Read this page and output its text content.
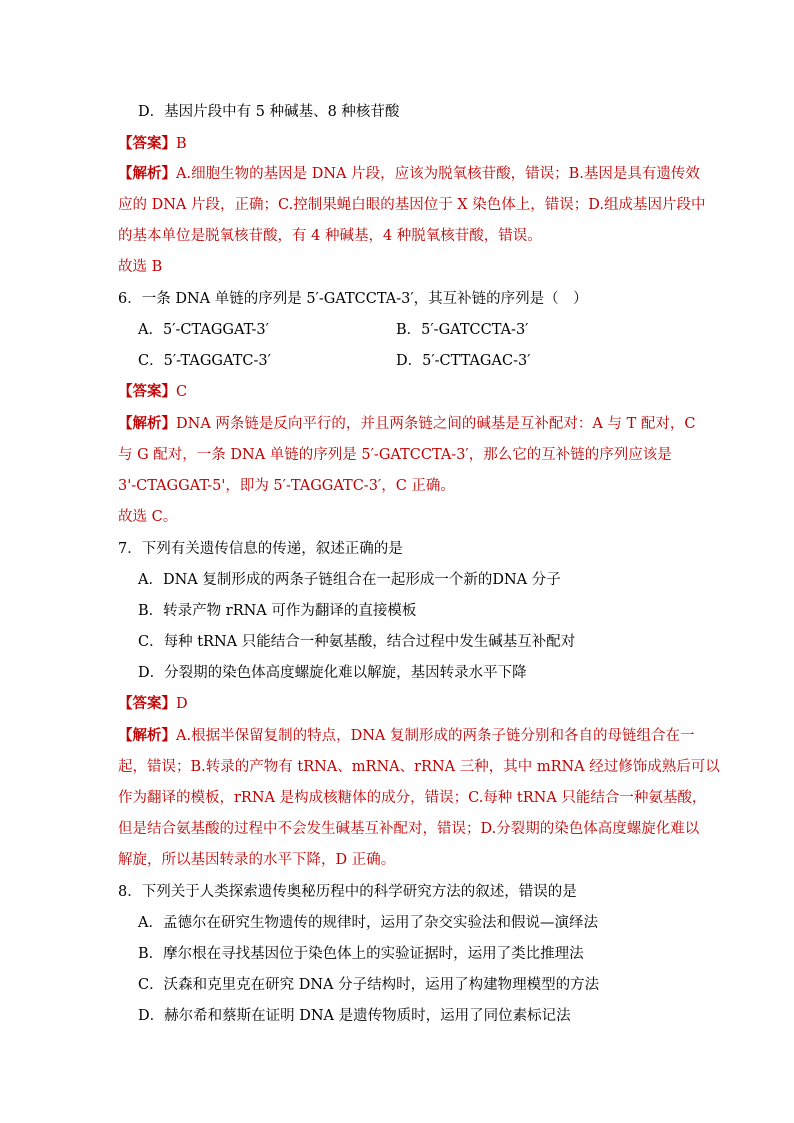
D．基因片段中有 5 种碱基、8 种核苷酸
【答案】B
【解析】A.细胞生物的基因是 DNA 片段，应该为脱氧核苷酸，错误；B.基因是具有遗传效
应的 DNA 片段，正确；C.控制果蝇白眼的基因位于 X 染色体上，错误；D.组成基因片段中
的基本单位是脱氧核苷酸，有 4 种碱基，4 种脱氧核苷酸，错误。
故选 B
6．一条 DNA 单链的序列是 5′-GATCCTA-3′，其互补链的序列是（　）
A．5′-CTAGGAT-3′	B．5′-GATCCTA-3′
C．5′-TAGGATC-3′	D．5′-CTTAGAC-3′
【答案】C
【解析】DNA 两条链是反向平行的，并且两条链之间的碱基是互补配对：A 与 T 配对，C
与 G 配对，一条 DNA 单链的序列是 5′-GATCCTA-3′，那么它的互补链的序列应该是
3'-CTAGGAT-5'，即为 5′-TAGGATC-3′，C 正确。
故选 C。
7．下列有关遗传信息的传递，叙述正确的是
A．DNA 复制形成的两条子链组合在一起形成一个新的DNA 分子
B．转录产物 rRNA 可作为翻译的直接模板
C．每种 tRNA 只能结合一种氨基酸，结合过程中发生碱基互补配对
D．分裂期的染色体高度螺旋化难以解旋，基因转录水平下降
【答案】D
【解析】A.根据半保留复制的特点，DNA 复制形成的两条子链分别和各自的母链组合在一
起，错误；B.转录的产物有 tRNA、mRNA、rRNA 三种，其中 mRNA 经过修饰成熟后可以
作为翻译的模板，rRNA 是构成核糖体的成分，错误；C.每种 tRNA 只能结合一种氨基酸，
但是结合氨基酸的过程中不会发生碱基互补配对，错误；D.分裂期的染色体高度螺旋化难以
解旋，所以基因转录的水平下降，D 正确。
8．下列关于人类探索遗传奥秘历程中的科学研究方法的叙述，错误的是
A．孟德尔在研究生物遗传的规律时，运用了杂交实验法和假说—演绎法
B．摩尔根在寻找基因位于染色体上的实验证据时，运用了类比推理法
C．沃森和克里克在研究 DNA 分子结构时，运用了构建物理模型的方法
D．赫尔希和蔡斯在证明 DNA 是遗传物质时，运用了同位素标记法
